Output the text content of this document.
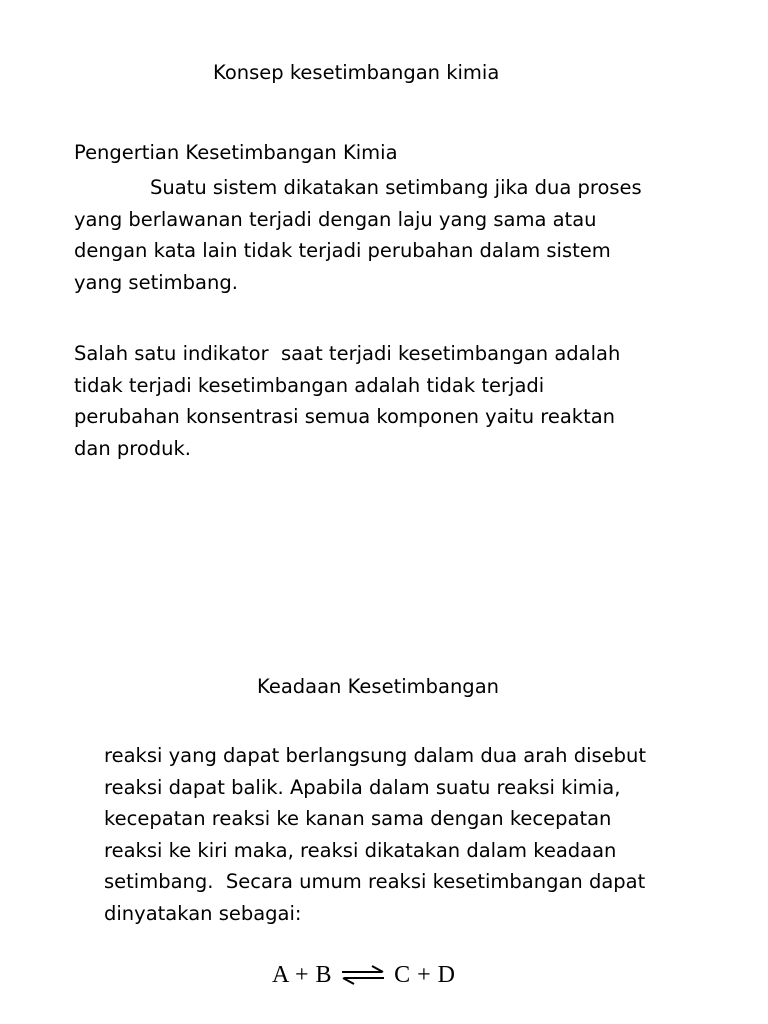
Konsep kesetimbangan kimia

Pengertian Kesetimbangan Kimia

Suatu sistem dikatakan setimbang jika dua proses
yang berlawanan terjadi dengan laju yang sama atau
dengan kata lain tidak terjadi perubahan dalam sistem
yang setimbang.
Salah satu indikator  saat terjadi kesetimbangan adalah
tidak terjadi kesetimbangan adalah tidak terjadi
perubahan konsentrasi semua komponen yaitu reaktan
dan produk.

Keadaan Kesetimbangan

reaksi yang dapat berlangsung dalam dua arah disebut
reaksi dapat balik. Apabila dalam suatu reaksi kimia,
kecepatan reaksi ke kanan sama dengan kecepatan
reaksi ke kiri maka, reaksi dikatakan dalam keadaan
setimbang.  Secara umum reaksi kesetimbangan dapat
dinyatakan sebagai:
A + B ⇌ C + D
